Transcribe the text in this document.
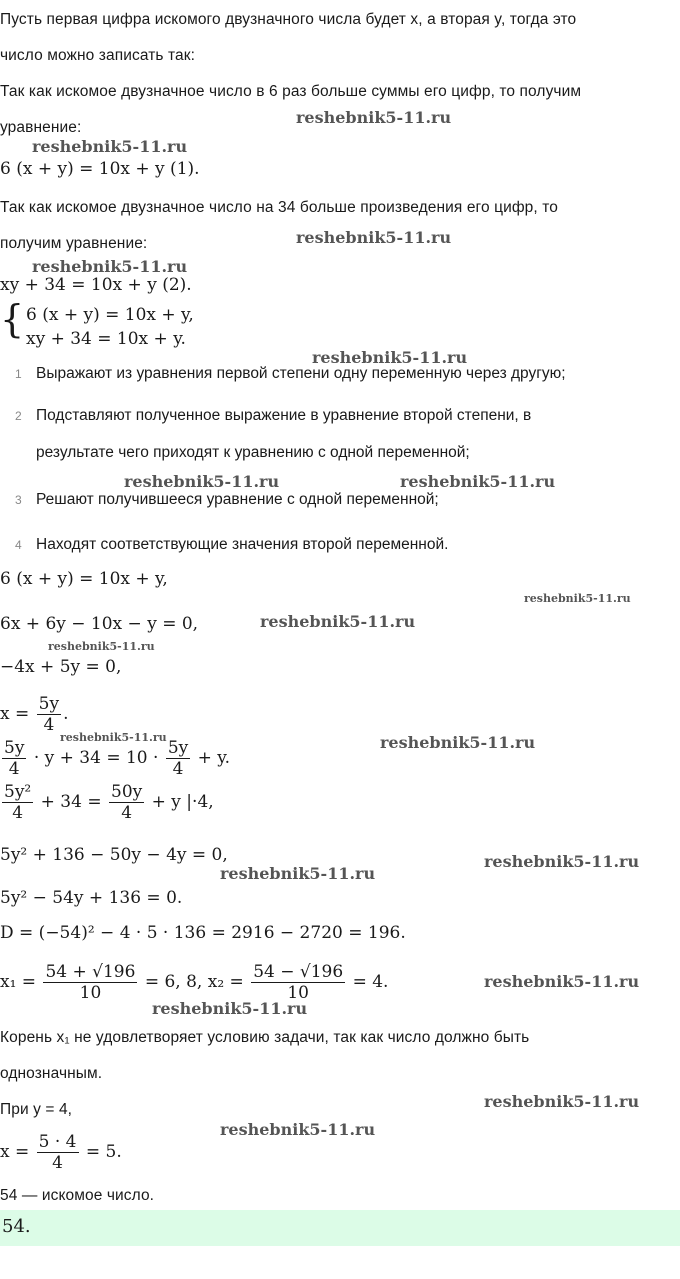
Пусть первая цифра искомого двузначного числа будет x, а вторая y, тогда это
число можно записать так:
Так как искомое двузначное число в 6 раз больше суммы его цифр, то получим
уравнение:
6 (x + y) = 10x + y (1).
Так как искомое двузначное число на 34 больше произведения его цифр, то
получим уравнение:
xy + 34 = 10x + y (2).
{ 6 (x + y) = 10x + y,
xy + 34 = 10x + y.
1 Выражают из уравнения первой степени одну переменную через другую;
2 Подставляют полученное выражение в уравнение второй степени, в
результате чего приходят к уравнению с одной переменной;
3 Решают получившееся уравнение с одной переменной;
4 Находят соответствующие значения второй переменной.
6 (x + y) = 10x + y,
6x + 6y − 10x − y = 0,
−4x + 5y = 0,
$x = \frac{5y}{4}$ .
$\frac{5y}{4} \cdot y + 34 = 10 \cdot \frac{5y}{4} + y$.
$\frac{\text{5y²}}{4} + 34 = \frac{50y}{4} + y$ |·4,
5y² + 136 − 50y − 4y = 0,
5y² − 54y + 136 = 0.
D = (−54)² − 4 · 5 · 136 = 2916 − 2720 = 196.
$x_1 = \frac{54 + √196}{10} = 6$, 8, $x_2 = \frac{54 - √196}{10} = 4$.
Корень x₁ не удовлетворяет условию задачи, так как число должно быть
однозначным.
При y = 4,
$x = \frac{5 \cdot 4}{4} = 5$.
54 — искомое число.
54.
reshebnik5-11.ru
reshebnik5-11.ru
reshebnik5-11.ru
reshebnik5-11.ru
reshebnik5-11.ru
reshebnik5-11.ru	reshebnik5-11.ru
reshebnik5-11.ru
reshebnik5-11.ru
reshebnik5-11.ru
reshebnik5-11.ru	reshebnik5-11.ru
reshebnik5-11.ru
reshebnik5-11.ru
reshebnik5-11.ru
reshebnik5-11.ru
reshebnik5-11.ru
reshebnik5-11.ru
